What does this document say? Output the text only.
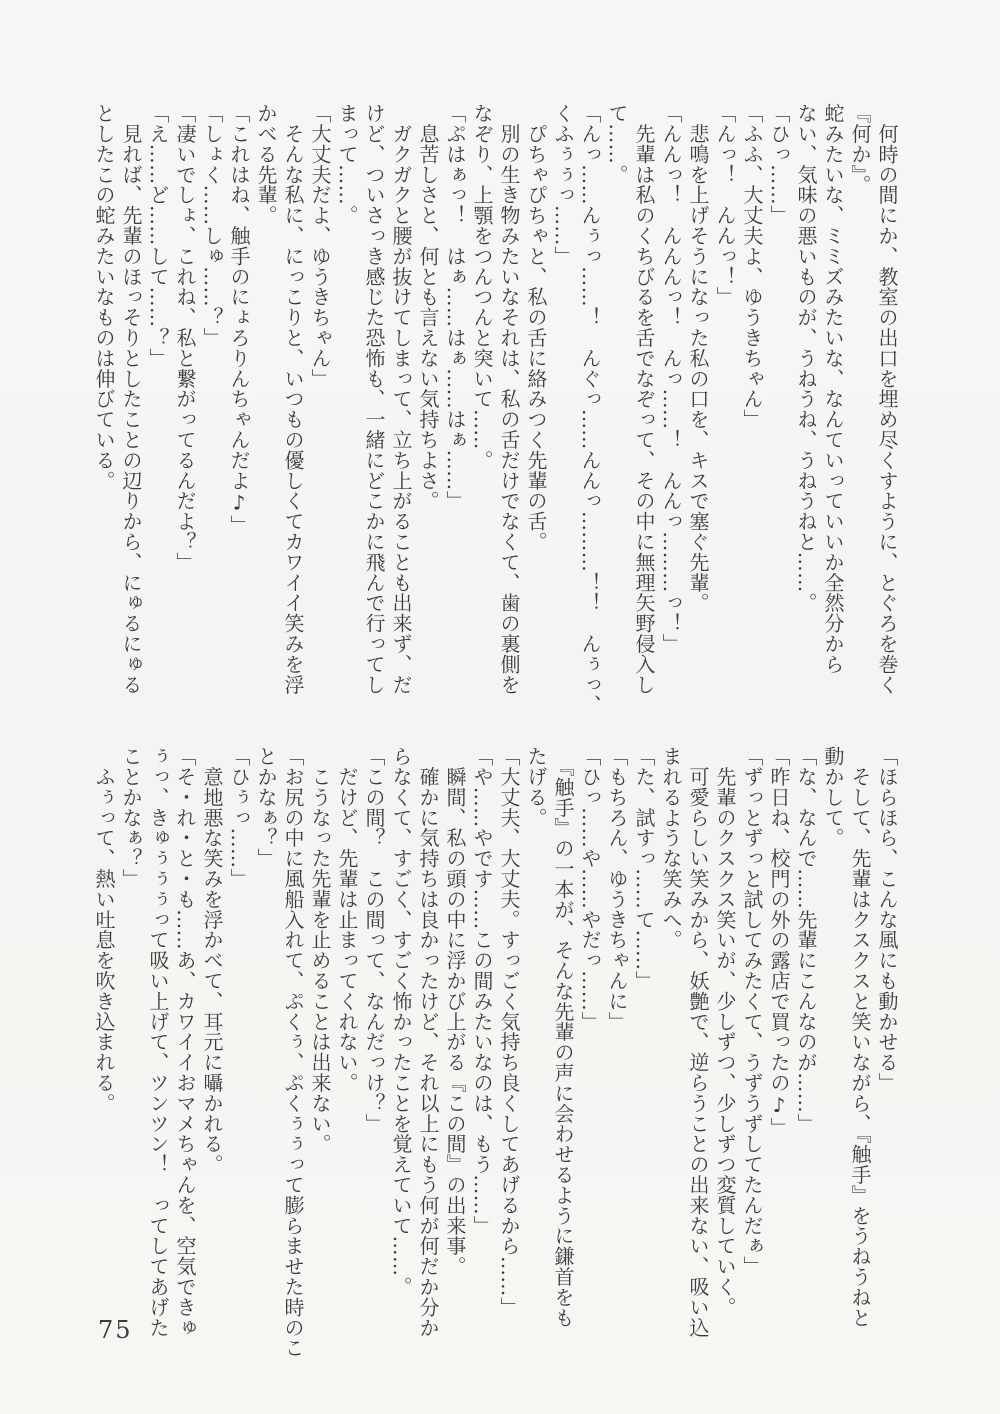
　何時の間にか、教室の出口を埋め尽くすように、とぐろを巻く

『何か』。

蛇みたいな、ミミズみたいな、なんていっていいか全然分から

ない、気味の悪いものが、うねうね、うねうねと……。

「ひっ……」

「ふふ、大丈夫よ、ゆうきちゃん」

「んっ！　んんっ！」

　悲鳴を上げそうになった私の口を、キスで塞ぐ先輩。

「んんっ！　んんんっ！　んっ……！　んんっ………っ！」

　先輩は私のくちびるを舌でなぞって、その中に無理矢野侵入し

て……。

「んっ……んぅっ……！　んぐっ……んんっ………！！　んぅっ、

くふぅぅっ……」

　ぴちゃぴちゃと、私の舌に絡みつく先輩の舌。

　別の生き物みたいなそれは、私の舌だけでなくて、歯の裏側を

なぞり、上顎をつんつんと突いて……。

「ぷはぁっ！　はぁ……はぁ……はぁ……」

　息苦しさと、何とも言えない気持ちよさ。

　ガクガクと腰が抜けてしまって、立ち上がることも出来ず、だ

けど、ついさっき感じた恐怖も、一緒にどこかに飛んで行ってし

まって……。

「大丈夫だよ、ゆうきちゃん」

　そんな私に、にっこりと、いつもの優しくてカワイイ笑みを浮

かべる先輩。

「これはね、触手のにょろりんちゃんだよ♪」

「しょく……しゅ……？」

「凄いでしょ、これね、私と繋がってるんだよ？」

「え……ど……して……？」

　見れば、先輩のほっそりとしたことの辺りから、にゅるにゅる

としたこの蛇みたいなものは伸びている。

「ほらほら、こんな風にも動かせる」

　そして、先輩はクスクスと笑いながら、『触手』をうねうねと

動かして。

「な、なんで……先輩にこんなのが……」

「昨日ね、校門の外の露店で買ったの♪」

「ずっとずっと試してみたくて、うずうずしてたんだぁ」

　先輩のクスクス笑いが、少しずつ、少しずつ変質していく。

　可愛らしい笑みから、妖艶で、逆らうことの出来ない、吸い込

まれるような笑みへ。

「た、試すっ……て……」

「もちろん、ゆうきちゃんに」

「ひっ……や……やだっ……」

　『触手』の一本が、そんな先輩の声に会わせるように鎌首をも

たげる。

「大丈夫、大丈夫。すっごく気持ち良くしてあげるから……」

「や……やです……この間みたいなのは、もう……」

　瞬間、私の頭の中に浮かび上がる『この間』の出来事。

　確かに気持ちは良かったけど、それ以上にもう何が何だか分か

らなくて、すごく、すごく怖かったことを覚えていて……。

「この間？　この間って、なんだっけ？」

　だけど、先輩は止まってくれない。

　こうなった先輩を止めることは出来ない。

「お尻の中に風船入れて、ぷくぅ、ぷくぅぅって膨らませた時のこ

とかなぁ？」

「ひぅっ……」

　意地悪な笑みを浮かべて、耳元に囁かれる。

「そ・れ・と・も……あ、カワイイおマメちゃんを、空気できゅ

ぅっ、きゅぅぅぅって吸い上げて、ツンツン！　ってしてあげた

ことかなぁ？」

　ふぅって、熱い吐息を吹き込まれる。

75
